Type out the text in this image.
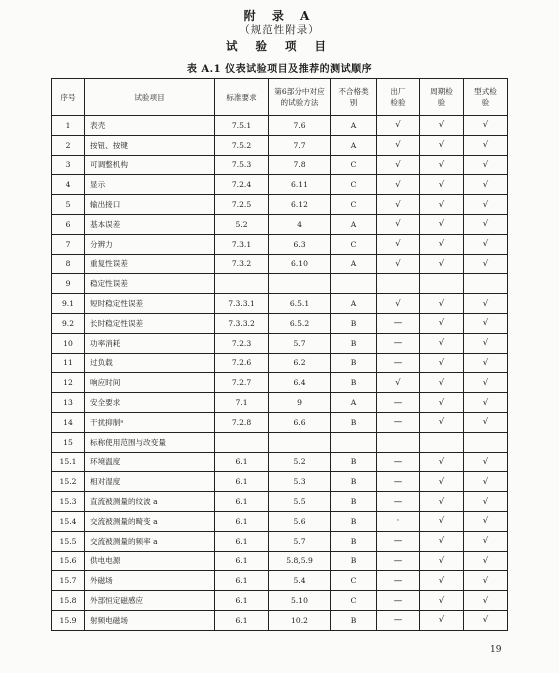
附 录 A
（规范性附录）
试 验 项 目
表 A.1 仪表试验项目及推荐的测试顺序
序号	试验项目	标准要求	第6部分中对应的试验方法	不合格类别	出厂检验	周期检验	型式检验
1	表壳	7.5.1	7.6	A	√	√	√
2	按钮、按键	7.5.2	7.7	A	√	√	√
3	可调整机构	7.5.3	7.8	C	√	√	√
4	显示	7.2.4	6.11	C	√	√	√
5	输出接口	7.2.5	6.12	C	√	√	√
6	基本误差	5.2	4	A	√	√	√
7	分辨力	7.3.1	6.3	C	√	√	√
8	重复性误差	7.3.2	6.10	A	√	√	√
9	稳定性误差						
9.1	短时稳定性误差	7.3.3.1	6.5.1	A	√	√	√
9.2	长时稳定性误差	7.3.3.2	6.5.2	B	—	√	√
10	功率消耗	7.2.3	5.7	B	—	√	√
11	过负载	7.2.6	6.2	B	—	√	√
12	响应时间	7.2.7	6.4	B	√	√	√
13	安全要求	7.1	9	A	—	√	√
14	干扰抑制ᵃ	7.2.8	6.6	B	—	√	√
15	标称使用范围与改变量						
15.1	环境温度	6.1	5.2	B	—	√	√
15.2	相对湿度	6.1	5.3	B	—	√	√
15.3	直流被测量的纹波 a	6.1	5.5	B	—	√	√
15.4	交流被测量的畸变 a	6.1	5.6	B	·	√	√
15.5	交流被测量的频率 a	6.1	5.7	B	—	√	√
15.6	供电电源	6.1	5.8,5.9	B	—	√	√
15.7	外磁场	6.1	5.4	C	—	√	√
15.8	外部恒定磁感应	6.1	5.10	C	—	√	√
15.9	射频电磁场	6.1	10.2	B	—	√	√
19
